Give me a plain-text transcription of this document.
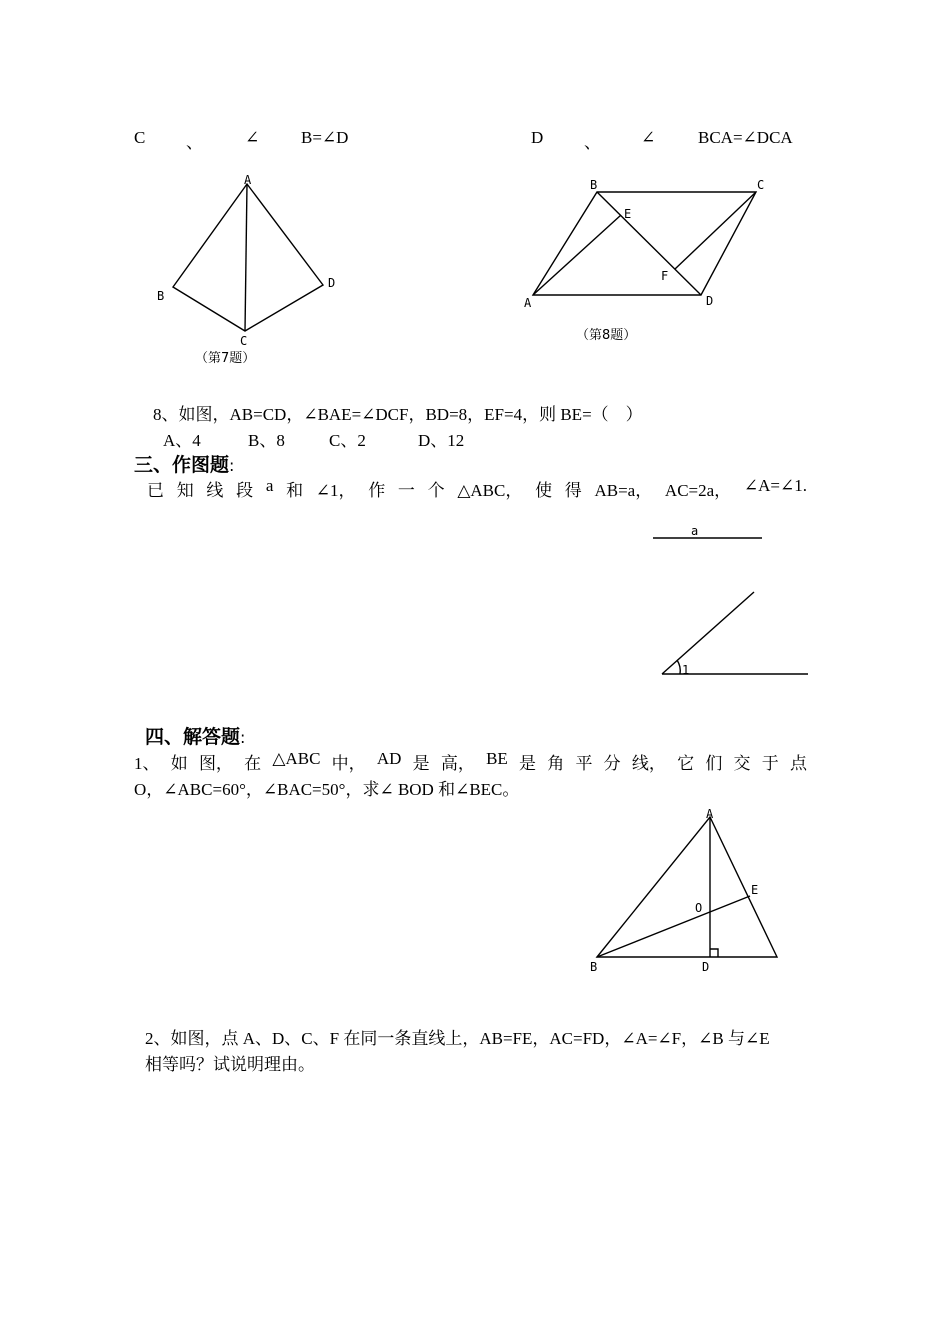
C 、 ∠ B=∠D	D 、 ∠	BCA=∠DCA
A
B
C
D
（第7题）
A
B	C
D
E
F
（第8题）
a
1
A
B	D
E
O
8、如图，AB=CD，∠BAE=∠DCF，BD=8，EF=4，则 BE=（　）
A、4	B、8	C、2	D、12
三、作图题:
已 知 线 段 a 和 ∠1， 作 一 个 △ABC， 使 得 AB=a， AC=2a， ∠A=∠1.
四、解答题:
1、 如 图， 在 △ABC 中， AD 是 高， BE 是 角 平 分 线， 它 们 交 于 点
O，∠ABC=60°，∠BAC=50°，求∠ BOD 和∠BEC。
2、如图，点 A、D、C、F 在同一条直线上，AB=FE，AC=FD，∠A=∠F，∠B 与∠E
相等吗？试说明理由。
